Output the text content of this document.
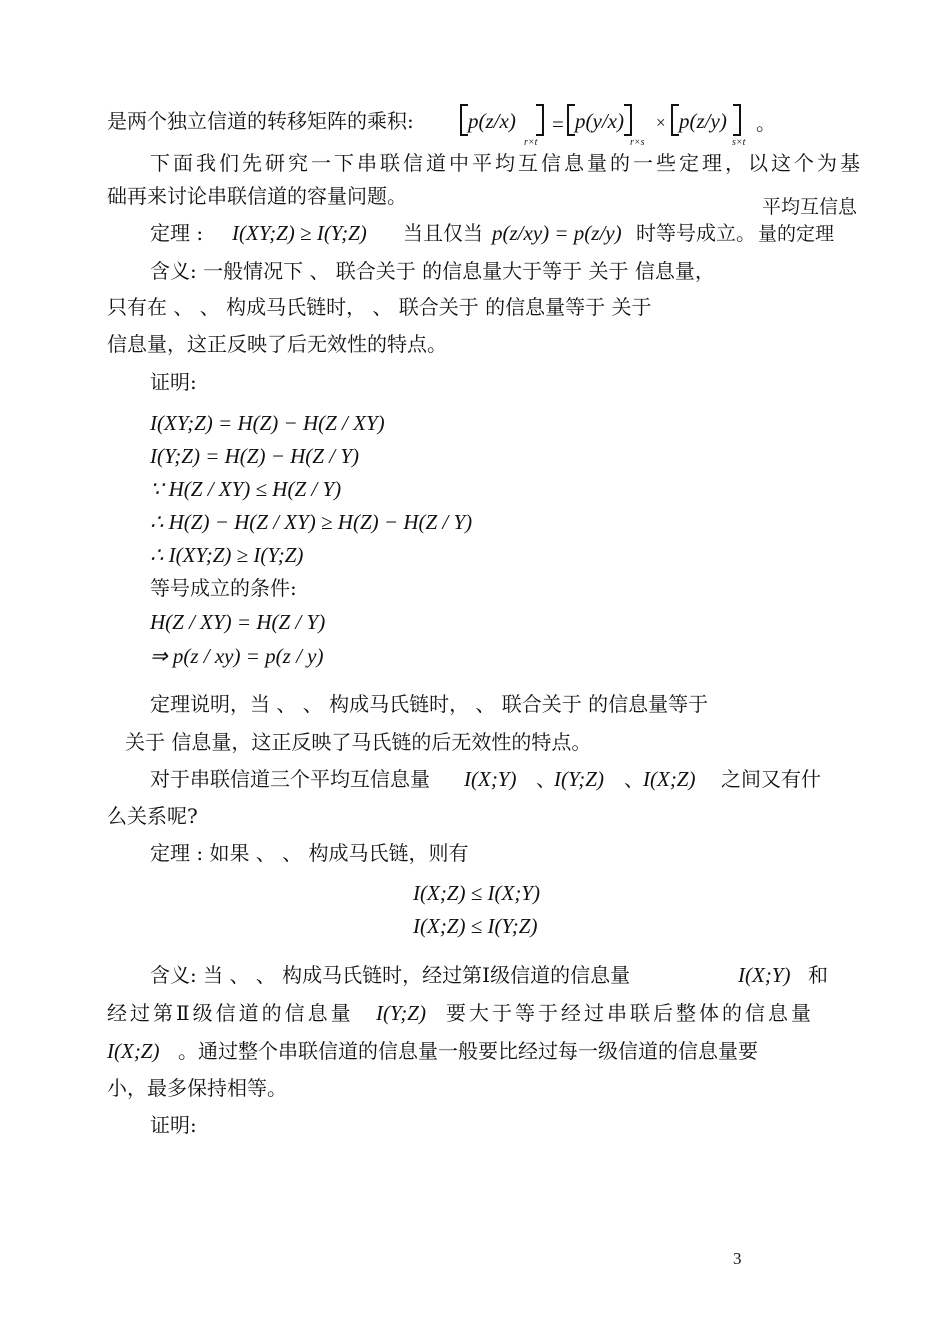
是两个独立信道的转移矩阵的乘积:	p(z/x)
r×t
= p(y/x)
r×s
× p(z/y)
s×t
。
下面我们先研究一下串联信道中平均互信息量的一些定理，以这个为基
础再来讨论串联信道的容量问题。	平均互信息
定理 : I(XY;Z) ≥ I(Y;Z) 当且仅当 p(z/xy) = p(z/y) 时等号成立。 量的定理
含义: 一般情况下 、 联合关于 的信息量大于等于 关于 信息量，
只有在 、 、 构成马氏链时， 、 联合关于 的信息量等于 关于
信息量，这正反映了后无效性的特点。
证明:
I(XY;Z) = H(Z) − H(Z / XY)
I(Y;Z) = H(Z) − H(Z / Y)
∵ H(Z / XY) ≤ H(Z / Y)
∴ H(Z) − H(Z / XY) ≥ H(Z) − H(Z / Y)
∴ I(XY;Z) ≥ I(Y;Z)
等号成立的条件:
H(Z / XY) = H(Z / Y)
⇒ p(z / xy) = p(z / y)
定理说明，当 、 、 构成马氏链时， 、 联合关于 的信息量等于
关于 信息量，这正反映了马氏链的后无效性的特点。
对于串联信道三个平均互信息量 I(X;Y) 、
I(Y;Z) 、 I(X;Z) 之间又有什
么关系呢?
定理 : 如果 、 、 构成马氏链，则有
I(X;Z) ≤ I(X;Y)
I(X;Z) ≤ I(Y;Z)
含义: 当 、 、 构成马氏链时，经过第Ⅰ级信道的信息量	I(X;Y) 和
经过第Ⅱ级信道的信息量 I(Y;Z) 要大于等于经过串联后整体的信息量
I(X;Z) 。通过整个串联信道的信息量一般要比经过每一级信道的信息量要
小，最多保持相等。
证明:
3
